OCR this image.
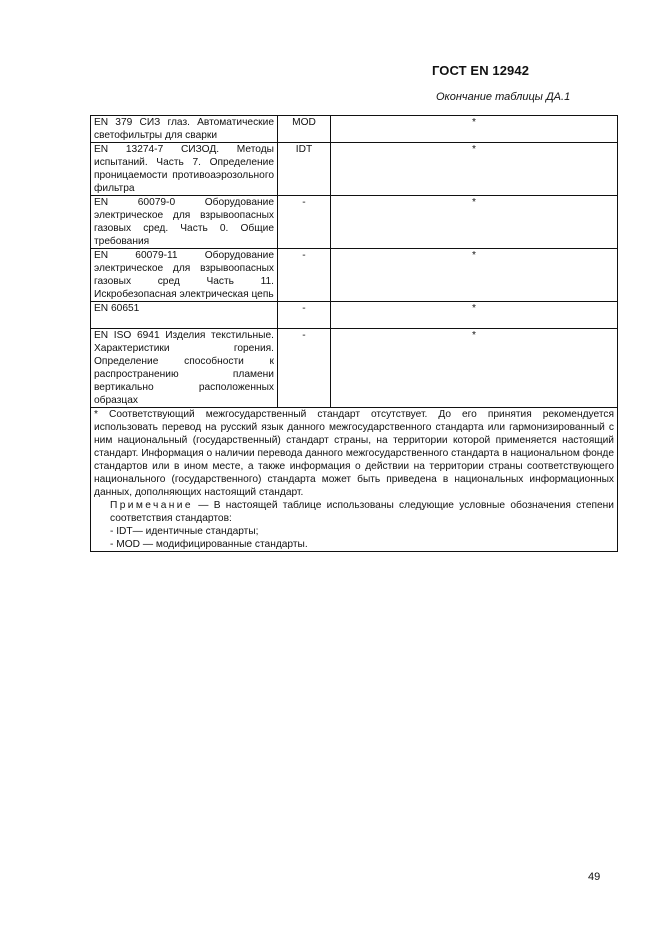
ГОСТ EN 12942
Окончание таблицы ДА.1
EN 379 СИЗ глаз. Автоматические светофильтры для сварки	MOD	*
EN 13274-7 СИЗОД. Методы испытаний. Часть 7. Определение проницаемости противоаэрозольного фильтра	IDT	*
EN 60079-0 Оборудование электрическое для взрывоопасных газовых сред. Часть 0. Общие требования	-	*
EN 60079-11 Оборудование электрическое для взрывоопасных газовых сред Часть 11. Искробезопасная электрическая цепь	-	*
EN 60651	-	*
EN ISO 6941 Изделия текстильные. Характеристики горения. Определение способности к распространению пламени вертикально расположенных образцах	-	*

* Соответствующий межгосударственный стандарт отсутствует. До его принятия рекомендуется использовать перевод на русский язык данного межгосударственного стандарта или гармонизированный с ним национальный (государственный) стандарт страны, на территории которой применяется настоящий стандарт. Информация о наличии перевода данного межгосударственного стандарта в национальном фонде стандартов или в ином месте, а также информация о действии на территории страны соответствующего национального (государственного) стандарта может быть приведена в национальных информационных данных, дополняющих настоящий стандарт.
Примечание — В настоящей таблице использованы следующие условные обозначения степени соответствия стандартов:
- IDT— идентичные стандарты;
- MOD — модифицированные стандарты.		
49
